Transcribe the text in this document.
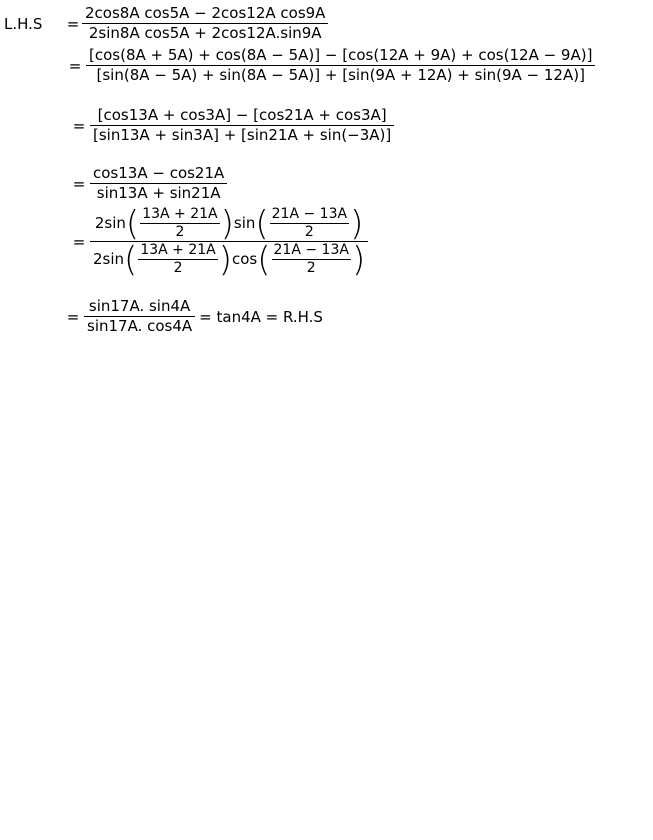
L.H.S	= $\frac{\text{2cos8A cos5A − 2cos12A cos9A}}{\text{2sin8A cos5A + 2cos12A.sin9A}}$
=
[cos(8A + 5A) + cos(8A − 5A)] − [cos(12A + 9A) + cos(12A − 9A)]
[sin(8A − 5A) + sin(8A − 5A)] + [sin(9A + 12A) + sin(9A − 12A)]
= $\frac{[\cos 13A + \cos 3A] - [\cos 21A + \cos 3A]}{[\sin 13A + \sin 3A] + [\sin 21A + \sin(-3A)]}$
= $\frac{\cos 13A - \cos 21A}{\sin 13A + \sin 21A}$
=
2sin ( $\frac{13A + 21A}{2}$ ) sin ( $\frac{21A - 13A}{2}$ )
2sin ( $\frac{13A + 21A}{2}$ ) cos ( $\frac{21A - 13A}{2}$ )
= $\frac{\sin 17A. \sin 4A}{\sin 17A. \cos 4A} = \tan 4A = R.H.S$
